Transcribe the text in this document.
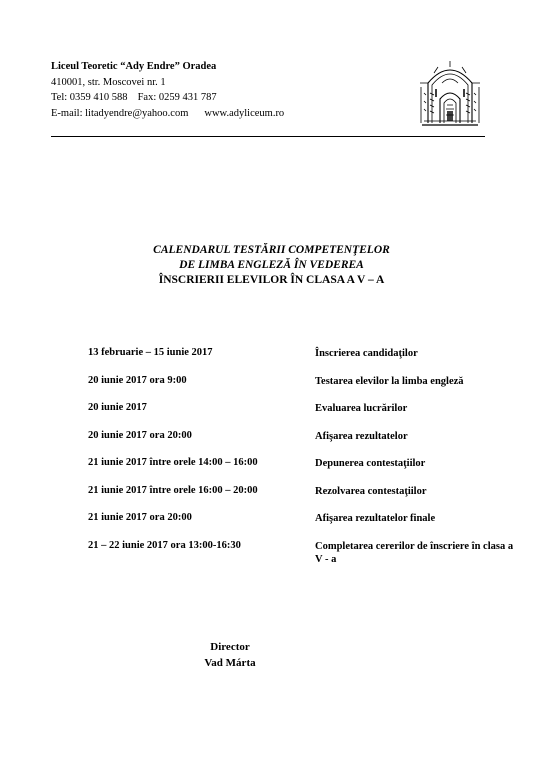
Liceul Teoretic “Ady Endre” Oradea
410001, str. Moscovei nr. 1
Tel: 0359 410 588 Fax: 0259 431 787
E-mail: litadyendre@yahoo.com www.adyliceum.ro
CALENDARUL TESTĂRII COMPETENŢELOR
DE LIMBA ENGLEZĂ ÎN VEDEREA
ÎNSCRIERII ELEVILOR ÎN CLASA A V – A
13 februarie – 15 iunie 2017	Înscrierea candidaţilor
20 iunie 2017 ora 9:00	Testarea elevilor la limba engleză
20 iunie 2017	Evaluarea lucrărilor
20 iunie 2017 ora 20:00	Afişarea rezultatelor
21 iunie 2017 între orele 14:00 – 16:00	Depunerea contestaţiilor
21 iunie 2017 între orele 16:00 – 20:00	Rezolvarea contestaţiilor
21 iunie 2017 ora 20:00	Afişarea rezultatelor finale
21 – 22 iunie 2017 ora 13:00-16:30	Completarea cererilor de înscriere în clasa a V - a
Director
Vad Márta
